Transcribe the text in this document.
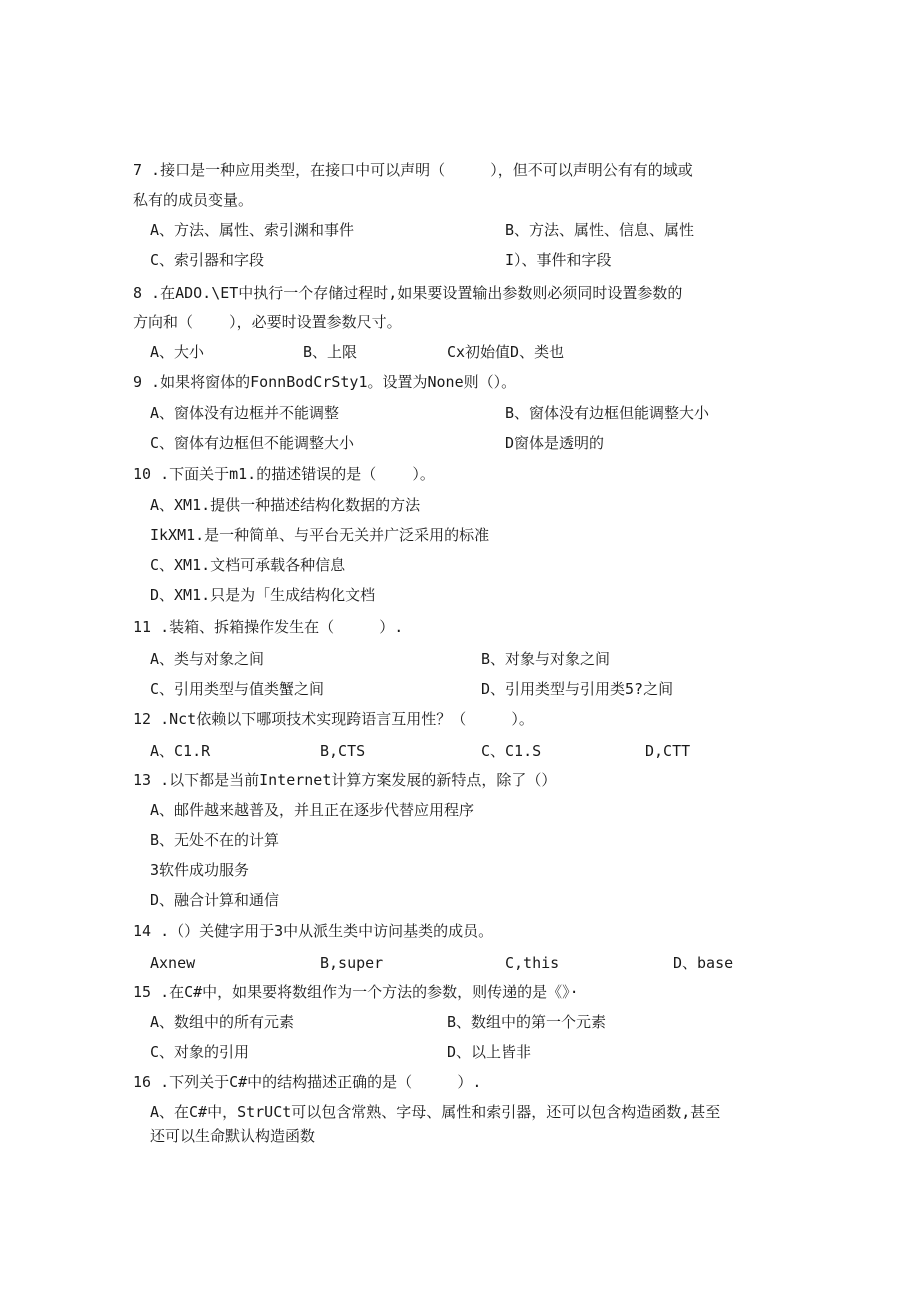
7 .接口是一种应用类型，在接口中可以声明（     ），但不可以声明公有有的域或
私有的成员变量。
A、方法、属性、索引渊和事件	B、方法、属性、信息、属性
C、索引器和字段	I）、事件和字段
8 .在ADO.\ET中执行一个存储过程时,如果要设置输出参数则必须同时设置参数的
方向和（    ），必要时设置参数尺寸。
A、大小	B、上限	Cx初始值D、类也
9 .如果将窗体的FonnBodCrSty1。设置为None则（）。
A、窗体没有边框并不能调整	B、窗体没有边框但能调整大小
C、窗体有边框但不能调整大小	D窗体是透明的
10 .下面关于m1.的描述错误的是（    ）。
A、XM1.提供一种描述结构化数据的方法
IkXM1.是一种简单、与平台无关并广泛采用的标准
C、XM1.文档可承载各种信息
D、XM1.只是为「生成结构化文档
11 .装箱、拆箱操作发生在（     ）.
A、类与对象之间	B、对象与对象之间
C、引用类型与值类蟹之间	D、引用类型与引用类5?之间
12 .Nct依赖以下哪项技术实现跨语言互用性？（     ）。
A、C1.R	B,CTS	C、C1.S	D,CTT
13 .以下都是当前Internet计算方案发展的新特点，除了（）
A、邮件越来越普及，并且正在逐步代替应用程序
B、无处不在的计算
3软件成功服务
D、融合计算和通信
14 .（）关健字用于3中从派生类中访问基类的成员。
Axnew	B,super	C,this	D、base
15 .在C#中，如果要将数组作为一个方法的参数，则传递的是《》·
A、数组中的所有元素	B、数组中的第一个元素
C、对象的引用	D、以上皆非
16 .下列关于C#中的结构描述正确的是（     ）.
A、在C#中，StrUCt可以包含常熟、字母、属性和索引器，还可以包含构造函数,甚至
还可以生命默认构造函数
